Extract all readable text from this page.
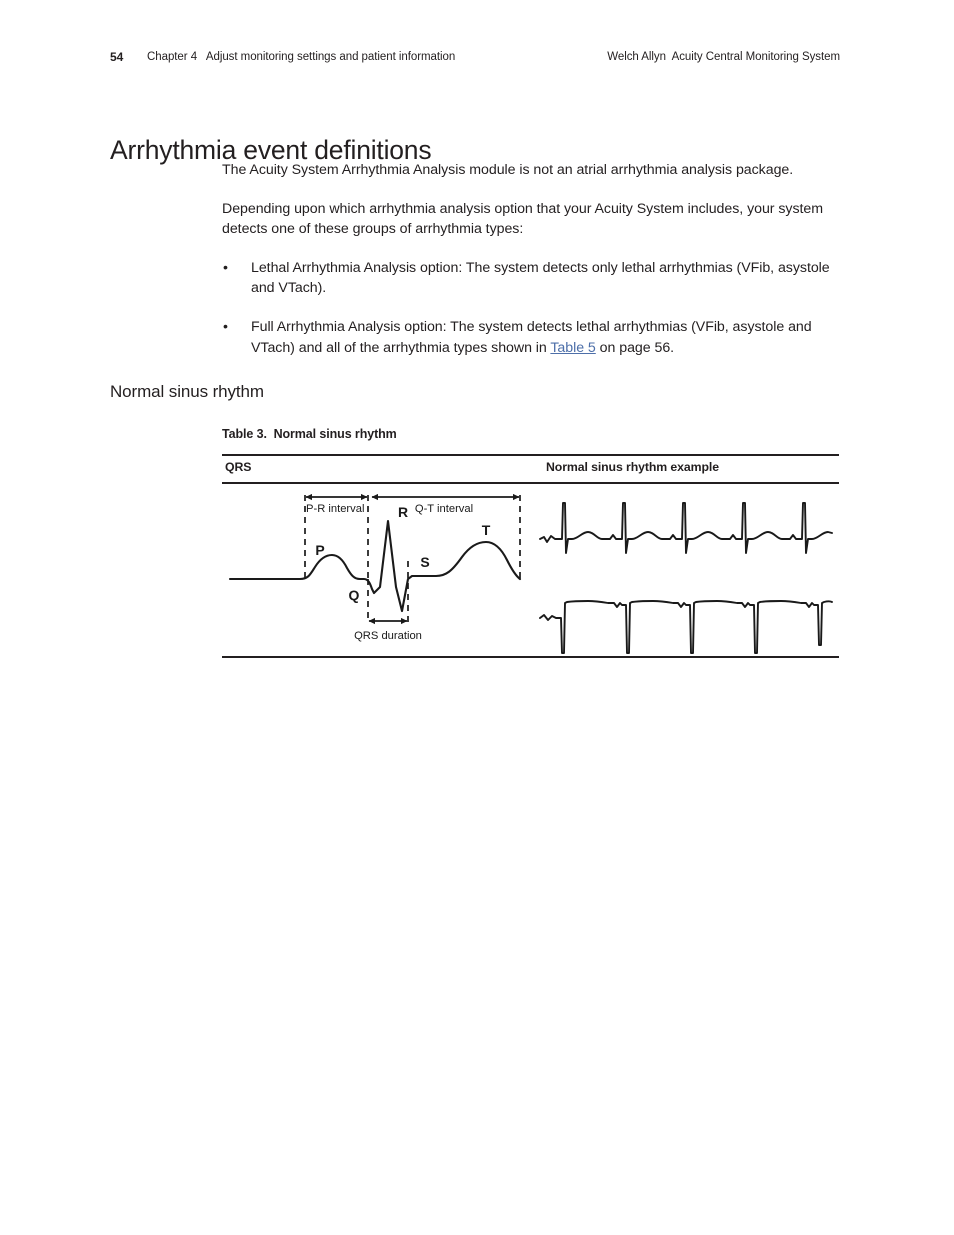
54 Chapter 4   Adjust monitoring settings and patient information	Welch Allyn  Acuity Central Monitoring System
Arrhythmia event definitions

The Acuity System Arrhythmia Analysis module is not an atrial arrhythmia analysis package.

Depending upon which arrhythmia analysis option that your Acuity System includes, your system detects one of these groups of arrhythmia types:

• Lethal Arrhythmia Analysis option: The system detects only lethal arrhythmias (VFib, asystole and VTach).
• Full Arrhythmia Analysis option: The system detects lethal arrhythmias (VFib, asystole and VTach) and all of the arrhythmia types shown in Table 5 on page 56.
Normal sinus rhythm
Table 3.  Normal sinus rhythm
QRS	Normal sinus rhythm example
P
Q
R
S
T
P-R interval	Q-T interval
QRS duration
